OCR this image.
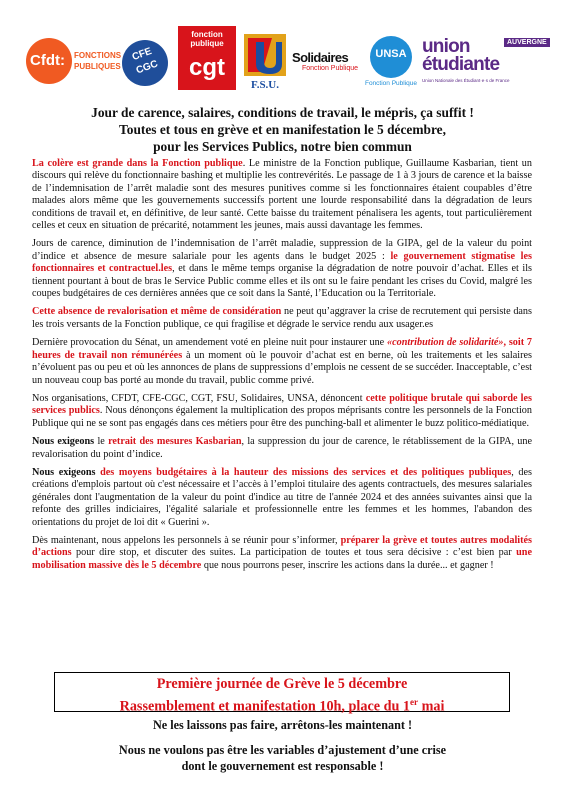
Cfdt: FONCTIONS
PUBLIQUES
CFE
CGC
fonction
publique
cgt
F.S.U.
Solidaires
Fonction Publique
UNSA
Fonction Publique
AUVERGNE
union
étudiante
Union Nationale des Étudiant·e·s de France
Jour de carence, salaires, conditions de travail, le mépris, ça suffit !
Toutes et tous en grève et en manifestation le 5 décembre,
pour les Services Publics, notre bien commun

La colère est grande dans la Fonction publique. Le ministre de la Fonction publique, Guillaume Kasbarian, tient un discours qui relève du fonctionnaire bashing et multiplie les contrevérités. Le passage de 1 à 3 jours de carence et la baisse de l’indemnisation de l’arrêt maladie sont des mesures punitives comme si les fonctionnaires étaient coupables d’être malades alors même que les gouvernements successifs portent une lourde responsabilité dans la dégradation de leurs conditions de travail et, en définitive, de leur santé. Cette baisse du traitement pénalisera les agents, tout particulièrement celles et ceux en situation de précarité, notamment les jeunes, mais aussi davantage les femmes.

Jours de carence, diminution de l’indemnisation de l’arrêt maladie, suppression de la GIPA, gel de la valeur du point d’indice et absence de mesure salariale pour les agents dans le budget 2025 : le gouvernement stigmatise les fonctionnaires et contractuel.les, et dans le même temps organise la dégradation de notre pouvoir d’achat. Elles et ils tiennent pourtant à bout de bras le Service Public comme elles et ils ont su le faire pendant les crises du Covid, malgré les coupes budgétaires de ces dernières années que ce soit dans la Santé, l’Education ou la Territoriale.

Cette absence de revalorisation et même de considération ne peut qu’aggraver la crise de recrutement qui persiste dans les trois versants de la Fonction publique, ce qui fragilise et dégrade le service rendu aux usager.es

Dernière provocation du Sénat, un amendement voté en pleine nuit pour instaurer une «contribution de solidarité», soit 7 heures de travail non rémunérées à un moment où le pouvoir d’achat est en berne, où les traitements et les salaires n’évoluent pas ou peu et où les annonces de plans de suppressions d’emplois ne cessent de se succéder. Inacceptable, c’est un nouveau coup bas porté au monde du travail, public comme privé.

Nos organisations, CFDT, CFE-CGC, CGT, FSU, Solidaires, UNSA, dénoncent cette politique brutale qui saborde les services publics. Nous dénonçons également la multiplication des propos méprisants contre les personnels de la Fonction Publique qui ne se sont pas engagés dans ces métiers pour être des punching-ball et alimenter le buzz politico-médiatique.

Nous exigeons le retrait des mesures Kasbarian, la suppression du jour de carence, le rétablissement de la GIPA, une revalorisation du point d’indice.

Nous exigeons des moyens budgétaires à la hauteur des missions des services et des politiques publiques, des créations d'emplois partout où c'est nécessaire et l’accès à l’emploi titulaire des agents contractuels, des mesures salariales générales dont l'augmentation de la valeur du point d'indice au titre de l'année 2024 et des années suivantes ainsi que la refonte des grilles indiciaires, l'égalité salariale et professionnelle entre les femmes et les hommes, l'abandon des orientations du projet de loi dit « Guerini ».

Dès maintenant, nous appelons les personnels à se réunir pour s’informer, préparer la grève et toutes autres modalités d’actions pour dire stop, et discuter des suites. La participation de toutes et tous sera décisive : c’est bien par une mobilisation massive dès le 5 décembre que nous pourrons peser, inscrire les actions dans la durée... et gagner !

Première journée de Grève le 5 décembre
Rassemblement et manifestation 10h, place du 1er mai
Ne les laissons pas faire, arrêtons-les maintenant !
Nous ne voulons pas être les variables d’ajustement d’une crise
dont le gouvernement est responsable !
